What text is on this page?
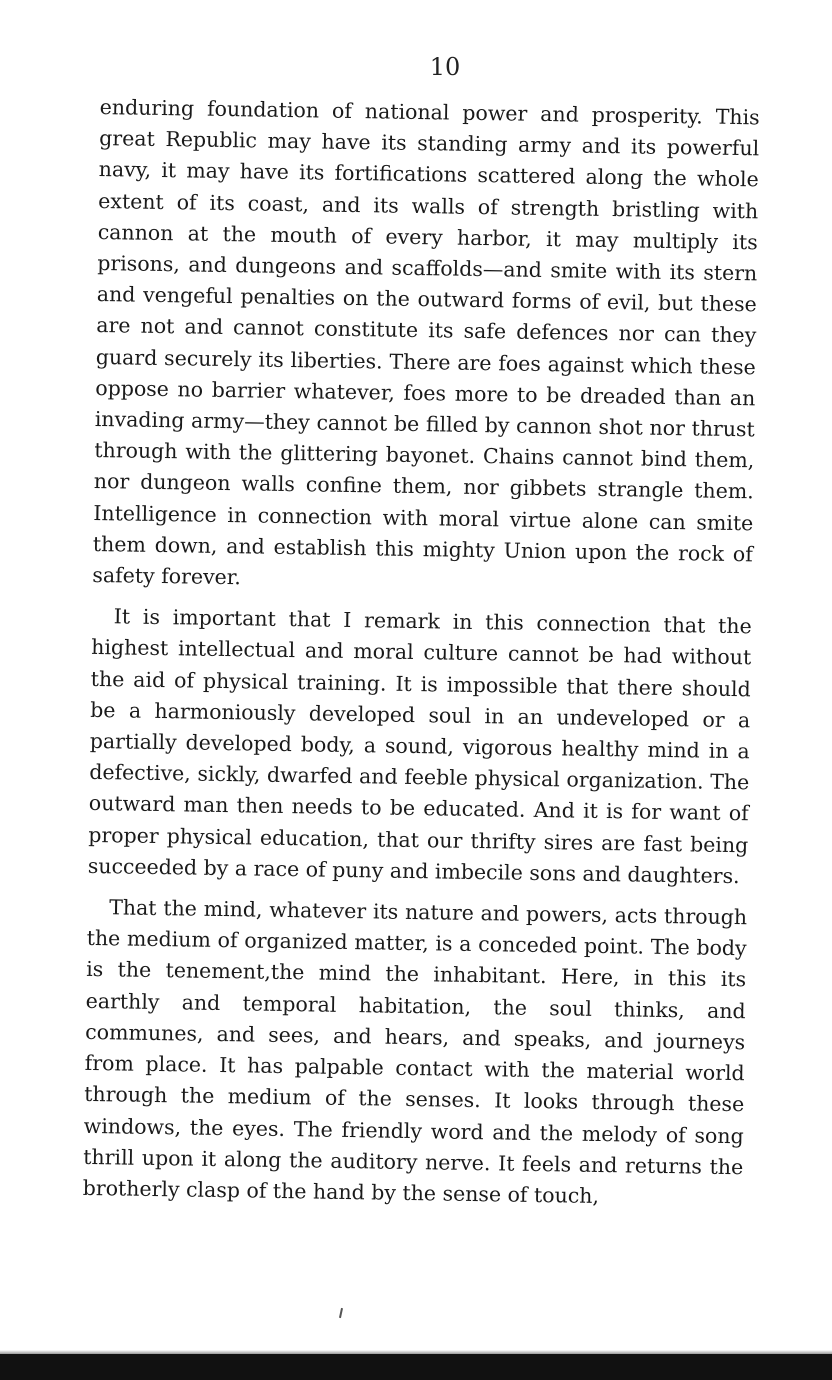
10

enduring foundation of national power and prosperity. This great Republic may have its standing army and its powerful navy, it may have its fortifications scattered along the whole extent of its coast, and its walls of strength bristling with cannon at the mouth of every harbor, it may multiply its prisons, and dungeons and scaffolds—and smite with its stern and vengeful penalties on the outward forms of evil, but these are not and cannot constitute its safe defences nor can they guard securely its liberties. There are foes against which these oppose no barrier whatever, foes more to be dreaded than an invading army—they cannot be filled by cannon shot nor thrust through with the glittering bayonet. Chains cannot bind them, nor dungeon walls confine them, nor gibbets strangle them. Intelligence in connection with moral virtue alone can smite them down, and establish this mighty Union upon the rock of safety forever.

It is important that I remark in this connection that the highest intellectual and moral culture cannot be had without the aid of physical training. It is impossible that there should be a harmoniously developed soul in an undeveloped or a partially developed body, a sound, vigorous healthy mind in a defective, sickly, dwarfed and feeble physical organization. The outward man then needs to be educated. And it is for want of proper physical education, that our thrifty sires are fast being succeeded by a race of puny and imbecile sons and daughters.

That the mind, whatever its nature and powers, acts through the medium of organized matter, is a conceded point. The body is the tenement,the mind the inhabitant. Here, in this its earthly and temporal habitation, the soul thinks, and communes, and sees, and hears, and speaks, and journeys from place. It has palpable contact with the material world through the medium of the senses. It looks through these windows, the eyes. The friendly word and the melody of song thrill upon it along the auditory nerve. It feels and returns the brotherly clasp of the hand by the sense of touch,
